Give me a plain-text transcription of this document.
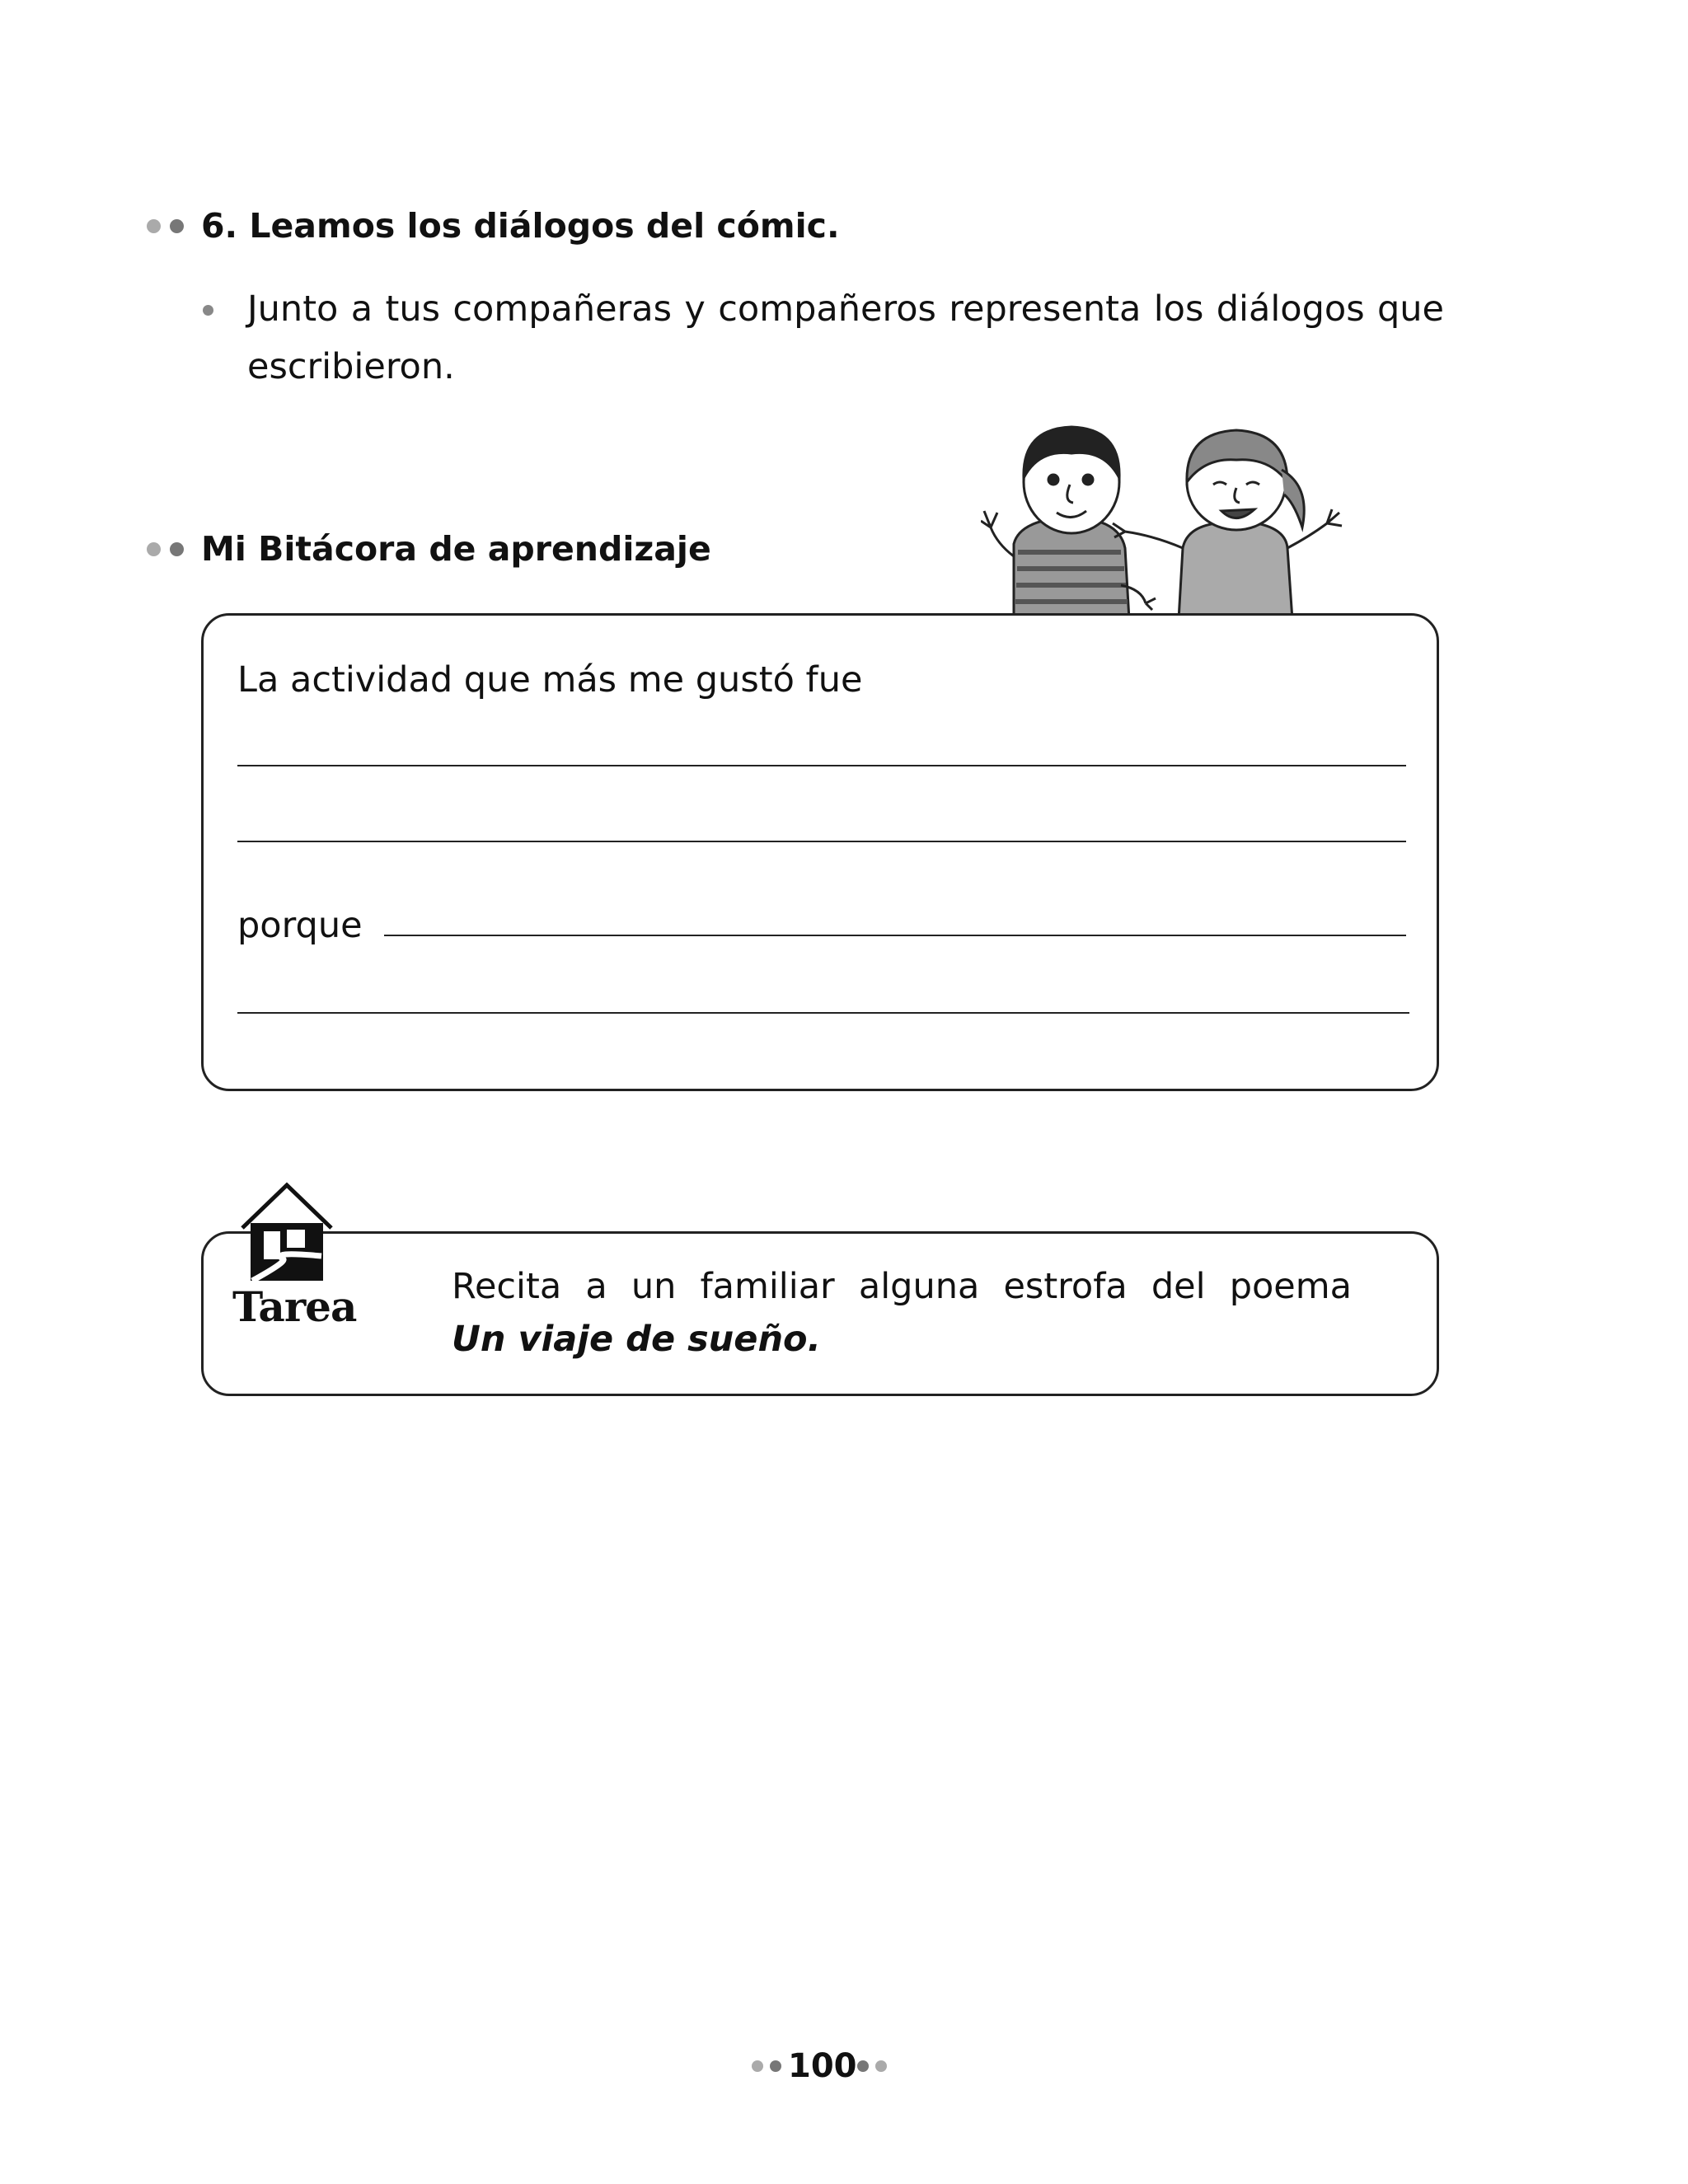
6. Leamos los diálogos del cómic.
Junto a tus compañeras y compañeros representa los diálogos que
escribieron.
Mi Bitácora de aprendizaje
La actividad que más me gustó fue
porque
Tarea	Recita a un familiar alguna estrofa del poema
Un viaje de sueño.
100
